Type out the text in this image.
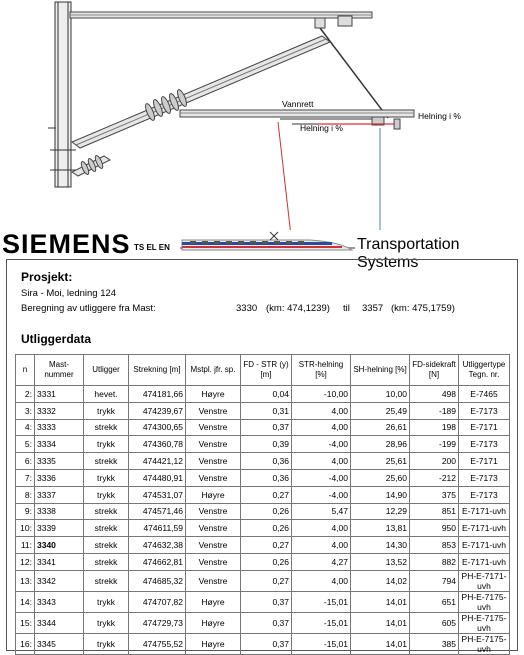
Vannrett
Helning i %
Helning i %
SIEMENS TS EL EN	Transportation Systems
Prosjekt:
Sira - Moi, ledning 124
Beregning av utliggere fra Mast:	3330 (km: 474,1239) til 3357 (km: 475,1759)
Utliggerdata
n	Mast-nummer	Utligger	Strekning [m]	Mstpl. jfr. sp.	FD - STR (y) [m]	STR-helning [%]	SH-helning [%]	FD-sidekraft [N]	Utliggertype Tegn. nr.
2:	3331	hevet.	474181,66	Høyre	0,04	-10,00	10,00	498	E-7465
3:	3332	trykk	474239,67	Venstre	0,31	4,00	25,49	-189	E-7173
4:	3333	strekk	474300,65	Venstre	0,37	4,00	26,61	198	E-7171
5:	3334	trykk	474360,78	Venstre	0,39	-4,00	28,96	-199	E-7173
6:	3335	strekk	474421,12	Venstre	0,36	4,00	25,61	200	E-7171
7:	3336	trykk	474480,91	Venstre	0,36	-4,00	25,60	-212	E-7173
8:	3337	trykk	474531,07	Høyre	0,27	-4,00	14,90	375	E-7173
9:	3338	strekk	474571,46	Venstre	0,26	5,47	12,29	851	E-7171-uvh
10:	3339	strekk	474611,59	Venstre	0,26	4,00	13,81	950	E-7171-uvh
11:	3340	strekk	474632,38	Venstre	0,27	4,00	14,30	853	E-7171-uvh
12:	3341	strekk	474662,81	Venstre	0,26	4,27	13,52	882	E-7171-uvh
13:	3342	strekk	474685,32	Venstre	0,27	4,00	14,02	794	PH-E-7171-uvh
14:	3343	trykk	474707,82	Høyre	0,37	-15,01	14,01	651	PH-E-7175-uvh
15:	3344	trykk	474729,73	Høyre	0,37	-15,01	14,01	605	PH-E-7175-uvh
16:	3345	trykk	474755,52	Høyre	0,37	-15,01	14,01	385	PH-E-7175-uvh
